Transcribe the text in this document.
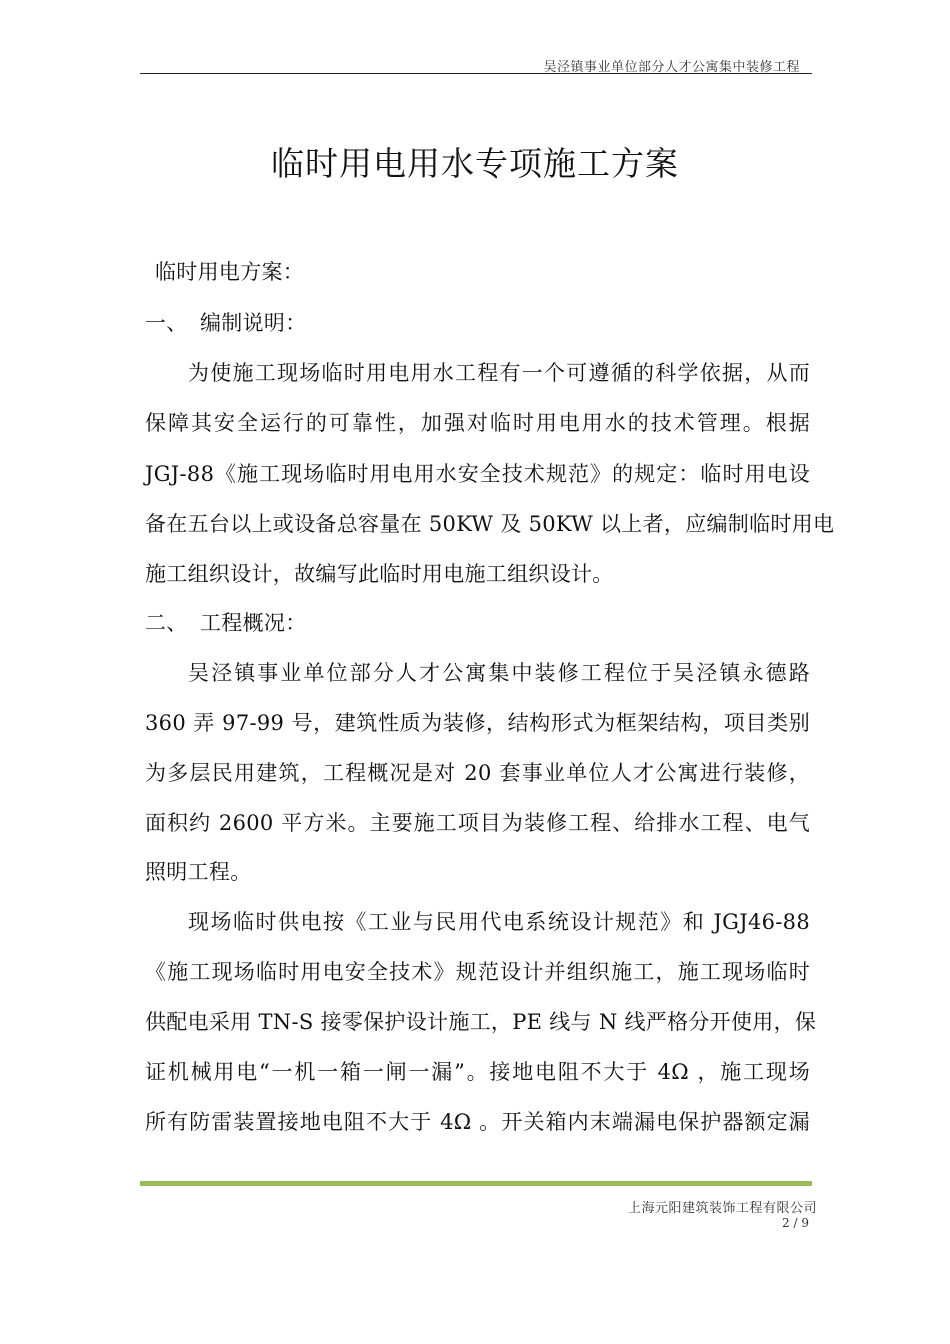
吴泾镇事业单位部分人才公寓集中装修工程
临时用电用水专项施工方案
临时用电方案：
一、 编制说明：
为使施工现场临时用电用水工程有一个可遵循的科学依据，从而
保障其安全运行的可靠性，加强对临时用电用水的技术管理。根据
JGJ-88《施工现场临时用电用水安全技术规范》的规定：临时用电设
备在五台以上或设备总容量在 50KW 及 50KW 以上者，应编制临时用电
施工组织设计，故编写此临时用电施工组织设计。
二、 工程概况：
吴泾镇事业单位部分人才公寓集中装修工程位于吴泾镇永德路
360 弄 97-99 号，建筑性质为装修，结构形式为框架结构，项目类别
为多层民用建筑，工程概况是对 20 套事业单位人才公寓进行装修，
面积约 2600 平方米。主要施工项目为装修工程、给排水工程、电气
照明工程。
现场临时供电按《工业与民用代电系统设计规范》和 JGJ46-88
《施工现场临时用电安全技术》规范设计并组织施工，施工现场临时
供配电采用 TN-S 接零保护设计施工，PE 线与 N 线严格分开使用，保
证机械用电“一机一箱一闸一漏”。接地电阻不大于 4Ω ，施工现场
所有防雷装置接地电阻不大于 4Ω 。开关箱内末端漏电保护器额定漏
上海元阳建筑装饰工程有限公司
2 / 9
